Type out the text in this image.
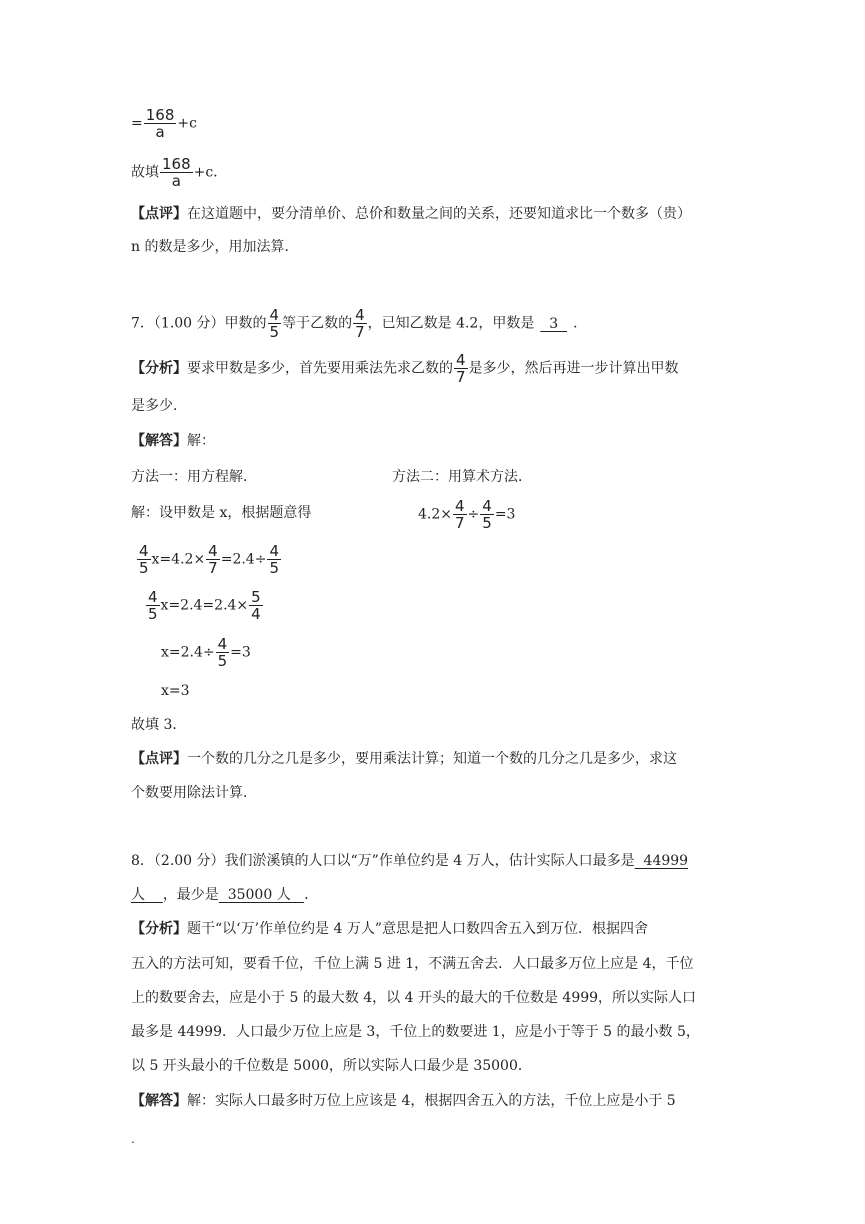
= $\frac{168}{a} +c$
故填 $\frac{168}{a} +c$．
【点评】在这道题中，要分清单价、总价和数量之间的关系，还要知道求比一个数多（贵）
n 的数是多少，用加法算．
7．（1.00 分）甲数的 $\frac{4}{5}$ 等于乙数的 $\frac{4}{7}$ ，已知乙数是 4.2，甲数是  3  ．
【分析】要求甲数是多少，首先要用乘法先求乙数的 $\frac{4}{7}$ 是多少，然后再进一步计算出甲数
是多少．
【解答】解：
方法一：用方程解．	方法二：用算术方法．
解：设甲数是 x，根据题意得	$4.2\times \frac{4}{7} \div \frac{4}{5} =3$
$\frac{4}{5} x=4.2\times \frac{4}{7} =2.4\div \frac{4}{5}$
$\frac{4}{5} x=2.4=2.4\times \frac{5}{4}$
$x=2.4\div \frac{4}{5} =3$
x=3
故填 3．
【点评】一个数的几分之几是多少，要用乘法计算；知道一个数的几分之几是多少，求这
个数要用除法计算．
8．（2.00 分）我们淤溪镇的人口以“万”作单位约是 4 万人，估计实际人口最多是  44999
人    ，最少是  35000 人   ．
【分析】题干“以‘万’作单位约是 4 万人”意思是把人口数四舍五入到万位．根据四舍
五入的方法可知，要看千位，千位上满 5 进 1，不满五舍去．人口最多万位上应是 4，千位
上的数要舍去，应是小于 5 的最大数 4，以 4 开头的最大的千位数是 4999，所以实际人口
最多是 44999．人口最少万位上应是 3，千位上的数要进 1，应是小于等于 5 的最小数 5，
以 5 开头最小的千位数是 5000，所以实际人口最少是 35000．
【解答】解：实际人口最多时万位上应该是 4，根据四舍五入的方法，千位上应是小于 5
.
